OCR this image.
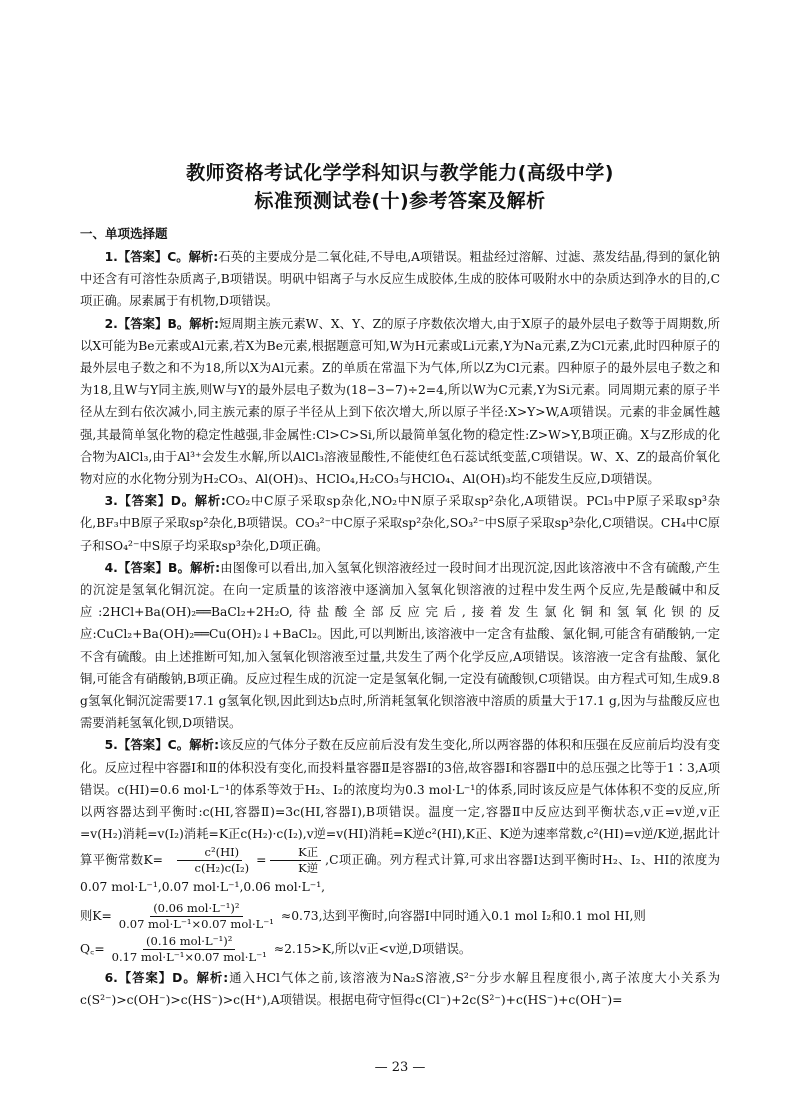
教师资格考试化学学科知识与教学能力(高级中学)
标准预测试卷(十)参考答案及解析
一、单项选择题

1.【答案】C。解析:石英的主要成分是二氧化硅,不导电,A项错误。粗盐经过溶解、过滤、蒸发结晶,得到的氯化钠中还含有可溶性杂质离子,B项错误。明矾中铝离子与水反应生成胶体,生成的胶体可吸附水中的杂质达到净水的目的,C项正确。尿素属于有机物,D项错误。

2.【答案】B。解析:短周期主族元素W、X、Y、Z的原子序数依次增大,由于X原子的最外层电子数等于周期数,所以X可能为Be元素或Al元素,若X为Be元素,根据题意可知,W为H元素或Li元素,Y为Na元素,Z为Cl元素,此时四种原子的最外层电子数之和不为18,所以X为Al元素。Z的单质在常温下为气体,所以Z为Cl元素。四种原子的最外层电子数之和为18,且W与Y同主族,则W与Y的最外层电子数为(18−3−7)÷2=4,所以W为C元素,Y为Si元素。同周期元素的原子半径从左到右依次减小,同主族元素的原子半径从上到下依次增大,所以原子半径:X>Y>W,A项错误。元素的非金属性越强,其最简单氢化物的稳定性越强,非金属性:Cl>C>Si,所以最简单氢化物的稳定性:Z>W>Y,B项正确。X与Z形成的化合物为AlCl₃,由于Al³⁺会发生水解,所以AlCl₃溶液显酸性,不能使红色石蕊试纸变蓝,C项错误。W、X、Z的最高价氧化物对应的水化物分别为H₂CO₃、Al(OH)₃、HClO₄,H₂CO₃与HClO₄、Al(OH)₃均不能发生反应,D项错误。

3.【答案】D。解析:CO₂中C原子采取sp杂化,NO₂中N原子采取sp²杂化,A项错误。PCl₃中P原子采取sp³杂化,BF₃中B原子采取sp²杂化,B项错误。CO₃²⁻中C原子采取sp²杂化,SO₃²⁻中S原子采取sp³杂化,C项错误。CH₄中C原子和SO₄²⁻中S原子均采取sp³杂化,D项正确。

4.【答案】B。解析:由图像可以看出,加入氢氧化钡溶液经过一段时间才出现沉淀,因此该溶液中不含有硫酸,产生的沉淀是氢氧化铜沉淀。在向一定质量的该溶液中逐滴加入氢氧化钡溶液的过程中发生两个反应,先是酸碱中和反应:2HCl+Ba(OH)₂══BaCl₂+2H₂O,待盐酸全部反应完后,接着发生氯化铜和氢氧化钡的反应:CuCl₂+Ba(OH)₂══Cu(OH)₂↓+BaCl₂。因此,可以判断出,该溶液中一定含有盐酸、氯化铜,可能含有硝酸钠,一定不含有硫酸。由上述推断可知,加入氢氧化钡溶液至过量,共发生了两个化学反应,A项错误。该溶液一定含有盐酸、氯化铜,可能含有硝酸钠,B项正确。反应过程生成的沉淀一定是氢氧化铜,一定没有硫酸钡,C项错误。由方程式可知,生成9.8 g氢氧化铜沉淀需要17.1 g氢氧化钡,因此到达b点时,所消耗氢氧化钡溶液中溶质的质量大于17.1 g,因为与盐酸反应也需要消耗氢氧化钡,D项错误。

5.【答案】C。解析:该反应的气体分子数在反应前后没有发生变化,所以两容器的体积和压强在反应前后均没有变化。反应过程中容器Ⅰ和Ⅱ的体积没有变化,而投料量容器Ⅱ是容器Ⅰ的3倍,故容器Ⅰ和容器Ⅱ中的总压强之比等于1∶3,A项错误。c(HI)=0.6 mol·L⁻¹的体系等效于H₂、I₂的浓度均为0.3 mol·L⁻¹的体系,同时该反应是气体体积不变的反应,所以两容器达到平衡时:c(HI,容器Ⅱ)=3c(HI,容器Ⅰ),B项错误。温度一定,容器Ⅱ中反应达到平衡状态,v正=v逆,v正=v(H₂)消耗=v(I₂)消耗=K正c(H₂)·c(I₂),v逆=v(HI)消耗=K逆c²(HI),K正、K逆为速率常数,c²(HI)=v逆/K逆,据此计算平衡常数$K= \frac{\text{c²(HI)}}{\text{c(H₂)c(I₂)}} = \frac{\text{K正}}{\text{K逆}} ,C$项正确。列方程式计算,可求出容器Ⅰ达到平衡时H₂、I₂、HI的浓度为0.07 mol·L⁻¹,0.07 mol·L⁻¹,0.06 mol·L⁻¹,

则$K= \frac{\text{(0.06 mol·L⁻¹)²}}{\text{0.07 mol·L⁻¹×0.07 mol·L⁻¹}} \approx 0.73$,达到平衡时,向容器Ⅰ中同时通入0.1 mol I₂和0.1 mol HI,则
Q꜀= $\frac{\text{(0.16 mol·L⁻¹)²}}{\text{0.17 mol·L⁻¹×0.07 mol·L⁻¹}} \approx 2.15>K$,所以v正<v逆,D项错误。

6.【答案】D。解析:通入HCl气体之前,该溶液为Na₂S溶液,S²⁻分步水解且程度很小,离子浓度大小关系为c(S²⁻)>c(OH⁻)>c(HS⁻)>c(H⁺),A项错误。根据电荷守恒得c(Cl⁻)+2c(S²⁻)+c(HS⁻)+c(OH⁻)=

— 23 —
